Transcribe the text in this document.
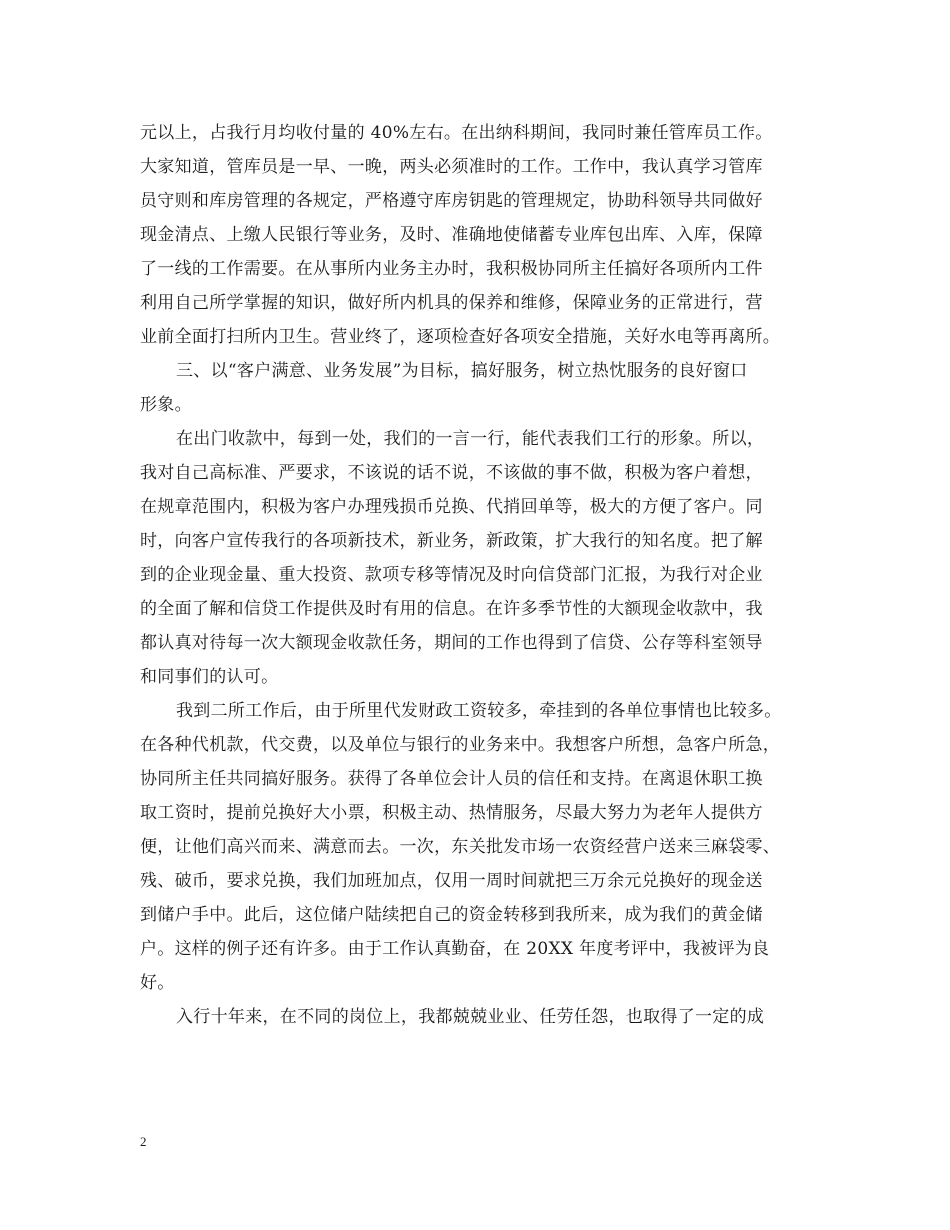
元以上，占我行月均收付量的 40%左右。在出纳科期间，我同时兼任管库员工作。
大家知道，管库员是一早、一晚，两头必须准时的工作。工作中，我认真学习管库
员守则和库房管理的各规定，严格遵守库房钥匙的管理规定，协助科领导共同做好
现金清点、上缴人民银行等业务，及时、准确地使储蓄专业库包出库、入库，保障
了一线的工作需要。在从事所内业务主办时，我积极协同所主任搞好各项所内工件
利用自己所学掌握的知识，做好所内机具的保养和维修，保障业务的正常进行，营
业前全面打扫所内卫生。营业终了，逐项检查好各项安全措施，关好水电等再离所。
三、以“客户满意、业务发展”为目标，搞好服务，树立热忱服务的良好窗口
形象。
在出门收款中，每到一处，我们的一言一行，能代表我们工行的形象。所以，
我对自己高标准、严要求，不该说的话不说，不该做的事不做，积极为客户着想，
在规章范围内，积极为客户办理残损币兑换、代捎回单等，极大的方便了客户。同
时，向客户宣传我行的各项新技术，新业务，新政策，扩大我行的知名度。把了解
到的企业现金量、重大投资、款项专移等情况及时向信贷部门汇报，为我行对企业
的全面了解和信贷工作提供及时有用的信息。在许多季节性的大额现金收款中，我
都认真对待每一次大额现金收款任务，期间的工作也得到了信贷、公存等科室领导
和同事们的认可。
我到二所工作后，由于所里代发财政工资较多，牵挂到的各单位事情也比较多。
在各种代机款，代交费，以及单位与银行的业务来中。我想客户所想，急客户所急，
协同所主任共同搞好服务。获得了各单位会计人员的信任和支持。在离退休职工换
取工资时，提前兑换好大小票，积极主动、热情服务，尽最大努力为老年人提供方
便，让他们高兴而来、满意而去。一次，东关批发市场一农资经营户送来三麻袋零、
残、破币，要求兑换，我们加班加点，仅用一周时间就把三万余元兑换好的现金送
到储户手中。此后，这位储户陆续把自己的资金转移到我所来，成为我们的黄金储
户。这样的例子还有许多。由于工作认真勤奋，在 20XX 年度考评中，我被评为良
好。
入行十年来，在不同的岗位上，我都兢兢业业、任劳任怨，也取得了一定的成
2
